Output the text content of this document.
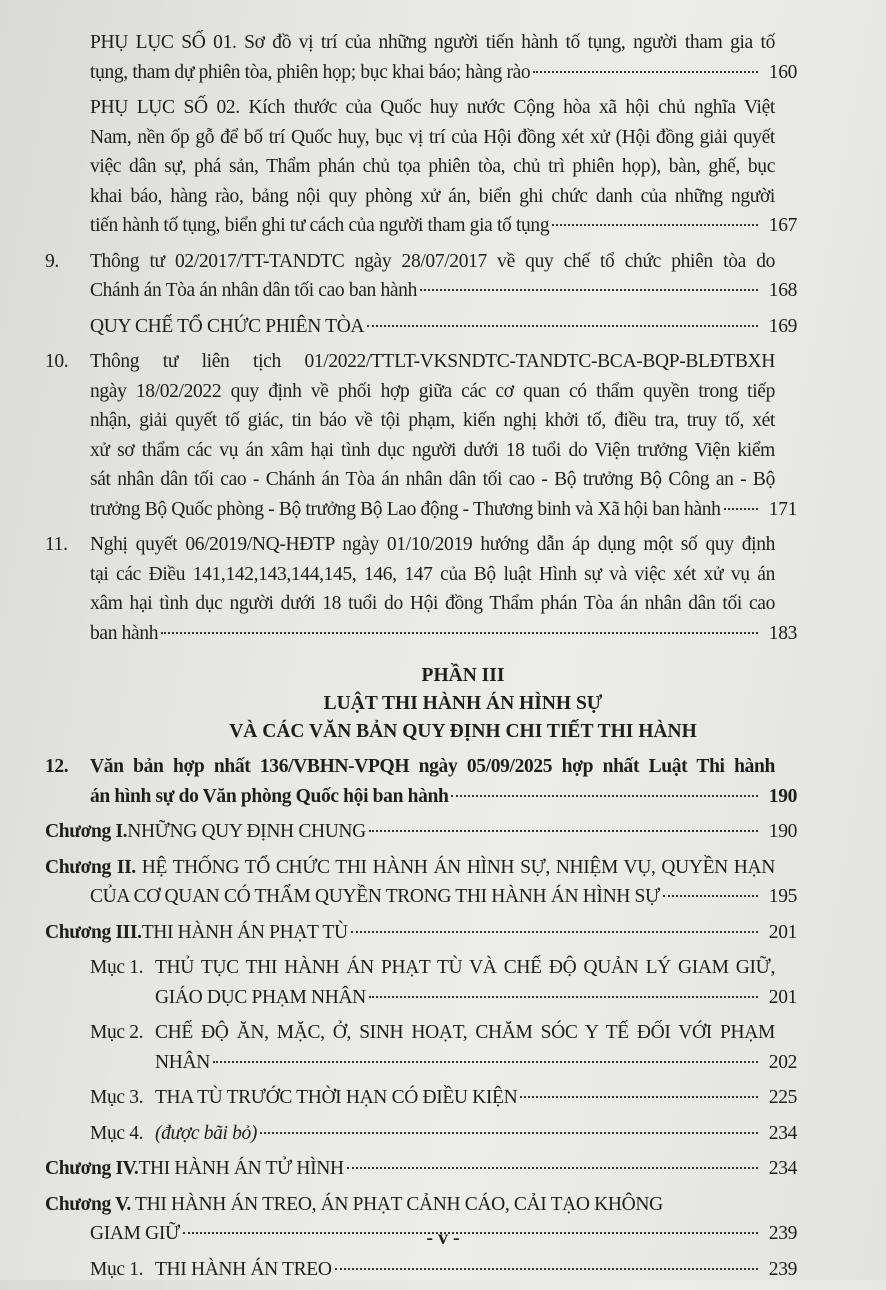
PHỤ LỤC SỐ 01. Sơ đồ vị trí của những người tiến hành tố tụng, người tham gia tố
tụng, tham dự phiên tòa, phiên họp; bục khai báo; hàng rào	160
PHỤ LỤC SỐ 02. Kích thước của Quốc huy nước Cộng hòa xã hội chủ nghĩa Việt
Nam, nền ốp gỗ để bố trí Quốc huy, bục vị trí của Hội đồng xét xử (Hội đồng giải quyết
việc dân sự, phá sản, Thẩm phán chủ tọa phiên tòa, chủ trì phiên họp), bàn, ghế, bục
khai báo, hàng rào, bảng nội quy phòng xử án, biển ghi chức danh của những người
tiến hành tố tụng, biển ghi tư cách của người tham gia tố tụng	167
9. Thông tư 02/2017/TT-TANDTC ngày 28/07/2017 về quy chế tổ chức phiên tòa do
Chánh án Tòa án nhân dân tối cao ban hành	168
QUY CHẾ TỔ CHỨC PHIÊN TÒA	169
10. Thông tư liên tịch 01/2022/TTLT-VKSNDTC-TANDTC-BCA-BQP-BLĐTBXH
ngày 18/02/2022 quy định về phối hợp giữa các cơ quan có thẩm quyền trong tiếp
nhận, giải quyết tố giác, tin báo về tội phạm, kiến nghị khởi tố, điều tra, truy tố, xét
xử sơ thẩm các vụ án xâm hại tình dục người dưới 18 tuổi do Viện trưởng Viện kiểm
sát nhân dân tối cao - Chánh án Tòa án nhân dân tối cao - Bộ trưởng Bộ Công an - Bộ
trưởng Bộ Quốc phòng - Bộ trưởng Bộ Lao động - Thương binh và Xã hội ban hành	171
11. Nghị quyết 06/2019/NQ-HĐTP ngày 01/10/2019 hướng dẫn áp dụng một số quy định
tại các Điều 141,142,143,144,145, 146, 147 của Bộ luật Hình sự và việc xét xử vụ án
xâm hại tình dục người dưới 18 tuổi do Hội đồng Thẩm phán Tòa án nhân dân tối cao
ban hành	183
PHẦN III
LUẬT THI HÀNH ÁN HÌNH SỰ
VÀ CÁC VĂN BẢN QUY ĐỊNH CHI TIẾT THI HÀNH
12. Văn bản hợp nhất 136/VBHN-VPQH ngày 05/09/2025 hợp nhất Luật Thi hành
án hình sự do Văn phòng Quốc hội ban hành	190
Chương I. NHỮNG QUY ĐỊNH CHUNG	190
Chương II. HỆ THỐNG TỔ CHỨC THI HÀNH ÁN HÌNH SỰ, NHIỆM VỤ, QUYỀN HẠN
CỦA CƠ QUAN CÓ THẨM QUYỀN TRONG THI HÀNH ÁN HÌNH SỰ	195
Chương III. THI HÀNH ÁN PHẠT TÙ	201
Mục 1. THỦ TỤC THI HÀNH ÁN PHẠT TÙ VÀ CHẾ ĐỘ QUẢN LÝ GIAM GIỮ,
GIÁO DỤC PHẠM NHÂN	201
Mục 2. CHẾ ĐỘ ĂN, MẶC, Ở, SINH HOẠT, CHĂM SÓC Y TẾ ĐỐI VỚI PHẠM
NHÂN	202
Mục 3. THA TÙ TRƯỚC THỜI HẠN CÓ ĐIỀU KIỆN	225
Mục 4. (được bãi bỏ)	234
Chương IV. THI HÀNH ÁN TỬ HÌNH	234
Chương V. THI HÀNH ÁN TREO, ÁN PHẠT CẢNH CÁO, CẢI TẠO KHÔNG
GIAM GIỮ	239
Mục 1. THI HÀNH ÁN TREO	239
- v -
